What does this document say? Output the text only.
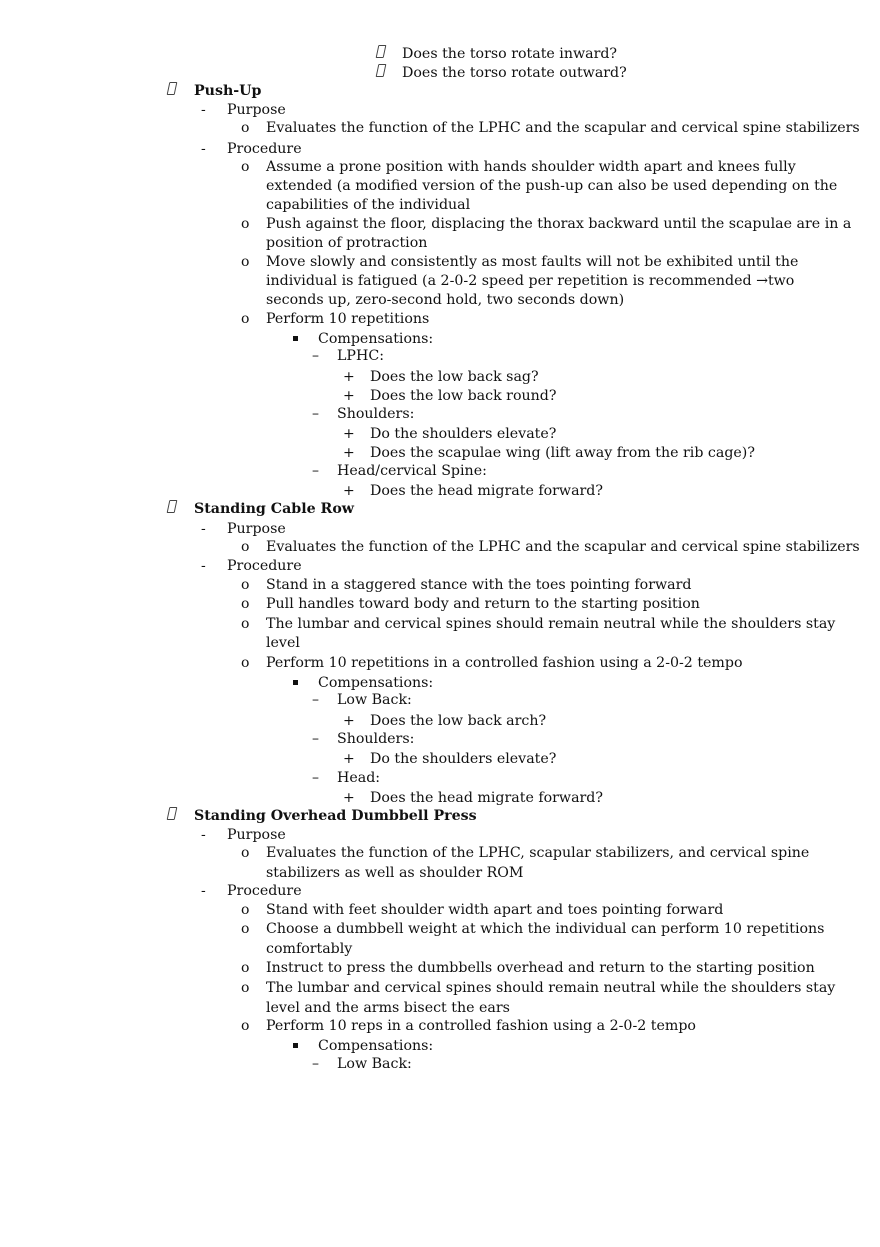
Does the torso rotate inward?
Does the torso rotate outward?
Push-Up
- Purpose
o Evaluates the function of the LPHC and the scapular and cervical spine stabilizers
- Procedure
o Assume a prone position with hands shoulder width apart and knees fully
extended (a modified version of the push-up can also be used depending on the
capabilities of the individual
o Push against the floor, displacing the thorax backward until the scapulae are in a
position of protraction
o Move slowly and consistently as most faults will not be exhibited until the
individual is fatigued (a 2-0-2 speed per repetition is recommended →two
seconds up, zero-second hold, two seconds down)
o Perform 10 repetitions
Compensations:
– LPHC:
+ Does the low back sag?
+ Does the low back round?
– Shoulders:
+ Do the shoulders elevate?
+ Does the scapulae wing (lift away from the rib cage)?
– Head/cervical Spine:
+ Does the head migrate forward?
Standing Cable Row
- Purpose
o Evaluates the function of the LPHC and the scapular and cervical spine stabilizers
- Procedure
o Stand in a staggered stance with the toes pointing forward
o Pull handles toward body and return to the starting position
o The lumbar and cervical spines should remain neutral while the shoulders stay
level
o Perform 10 repetitions in a controlled fashion using a 2-0-2 tempo
Compensations:
– Low Back:
+ Does the low back arch?
– Shoulders:
+ Do the shoulders elevate?
– Head:
+ Does the head migrate forward?
Standing Overhead Dumbbell Press
- Purpose
o Evaluates the function of the LPHC, scapular stabilizers, and cervical spine
stabilizers as well as shoulder ROM
- Procedure
o Stand with feet shoulder width apart and toes pointing forward
o Choose a dumbbell weight at which the individual can perform 10 repetitions
comfortably
o Instruct to press the dumbbells overhead and return to the starting position
o The lumbar and cervical spines should remain neutral while the shoulders stay
level and the arms bisect the ears
o Perform 10 reps in a controlled fashion using a 2-0-2 tempo
Compensations:
– Low Back:
